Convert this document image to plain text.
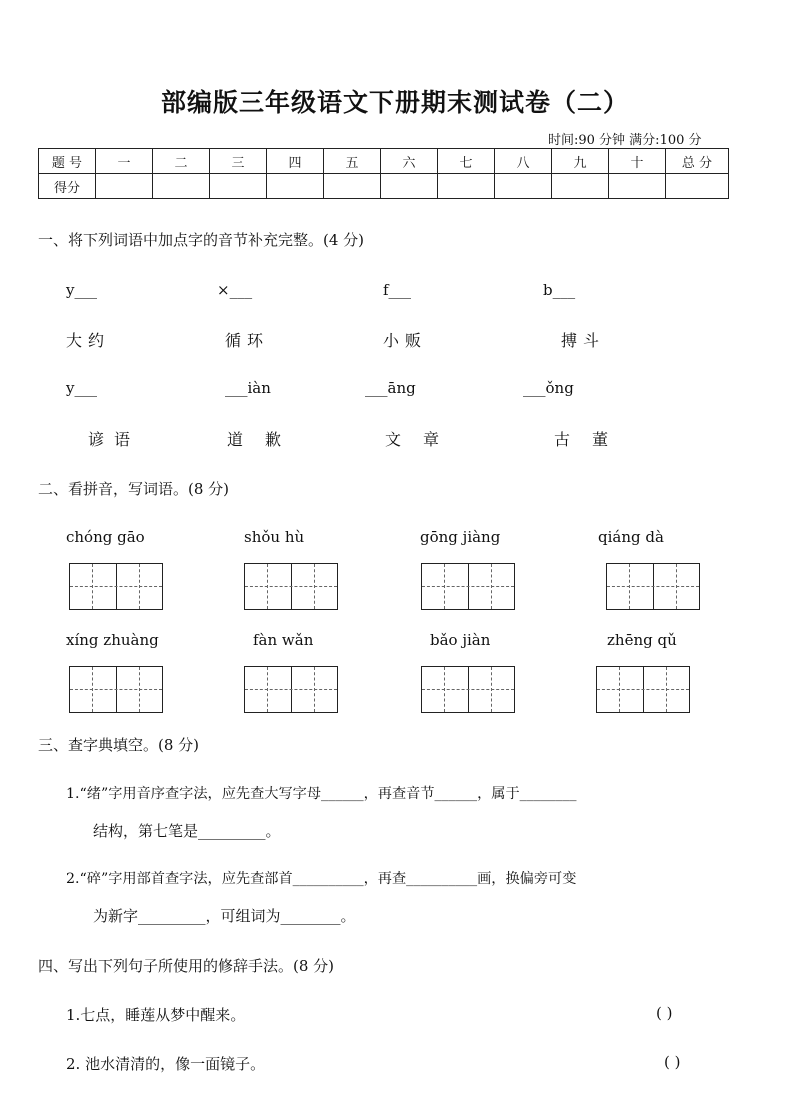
部编版三年级语文下册期末测试卷（二）
时间:90 分钟 满分:100 分
题 号	一	二	三	四	五	六	七	八	九	十	总 分
得分											
一、将下列词语中加点字的音节补充完整。(4 分)
y___	×___	f___	b___
大约	循环	小贩	搏斗
y___	___iàn	___āng	___ǒng
谚语	道歉	文章	古董
二、看拼音，写词语。(8 分)
chóng gāo	shǒu hù	gōng jiàng	qiáng dà
xíng zhuàng	fàn wǎn	bǎo jiàn	zhēng qǔ
三、查字典填空。(8 分)
1.“绪”字用音序查字法，应先查大写字母______，再查音节______，属于________
结构，第七笔是_________。
2.“碎”字用部首查字法，应先查部首__________，再查__________画，换偏旁可变
为新字_________，可组词为________。
四、写出下列句子所使用的修辞手法。(8 分)
1.七点，睡莲从梦中醒来。	( )
2. 池水清清的，像一面镜子。	( )
